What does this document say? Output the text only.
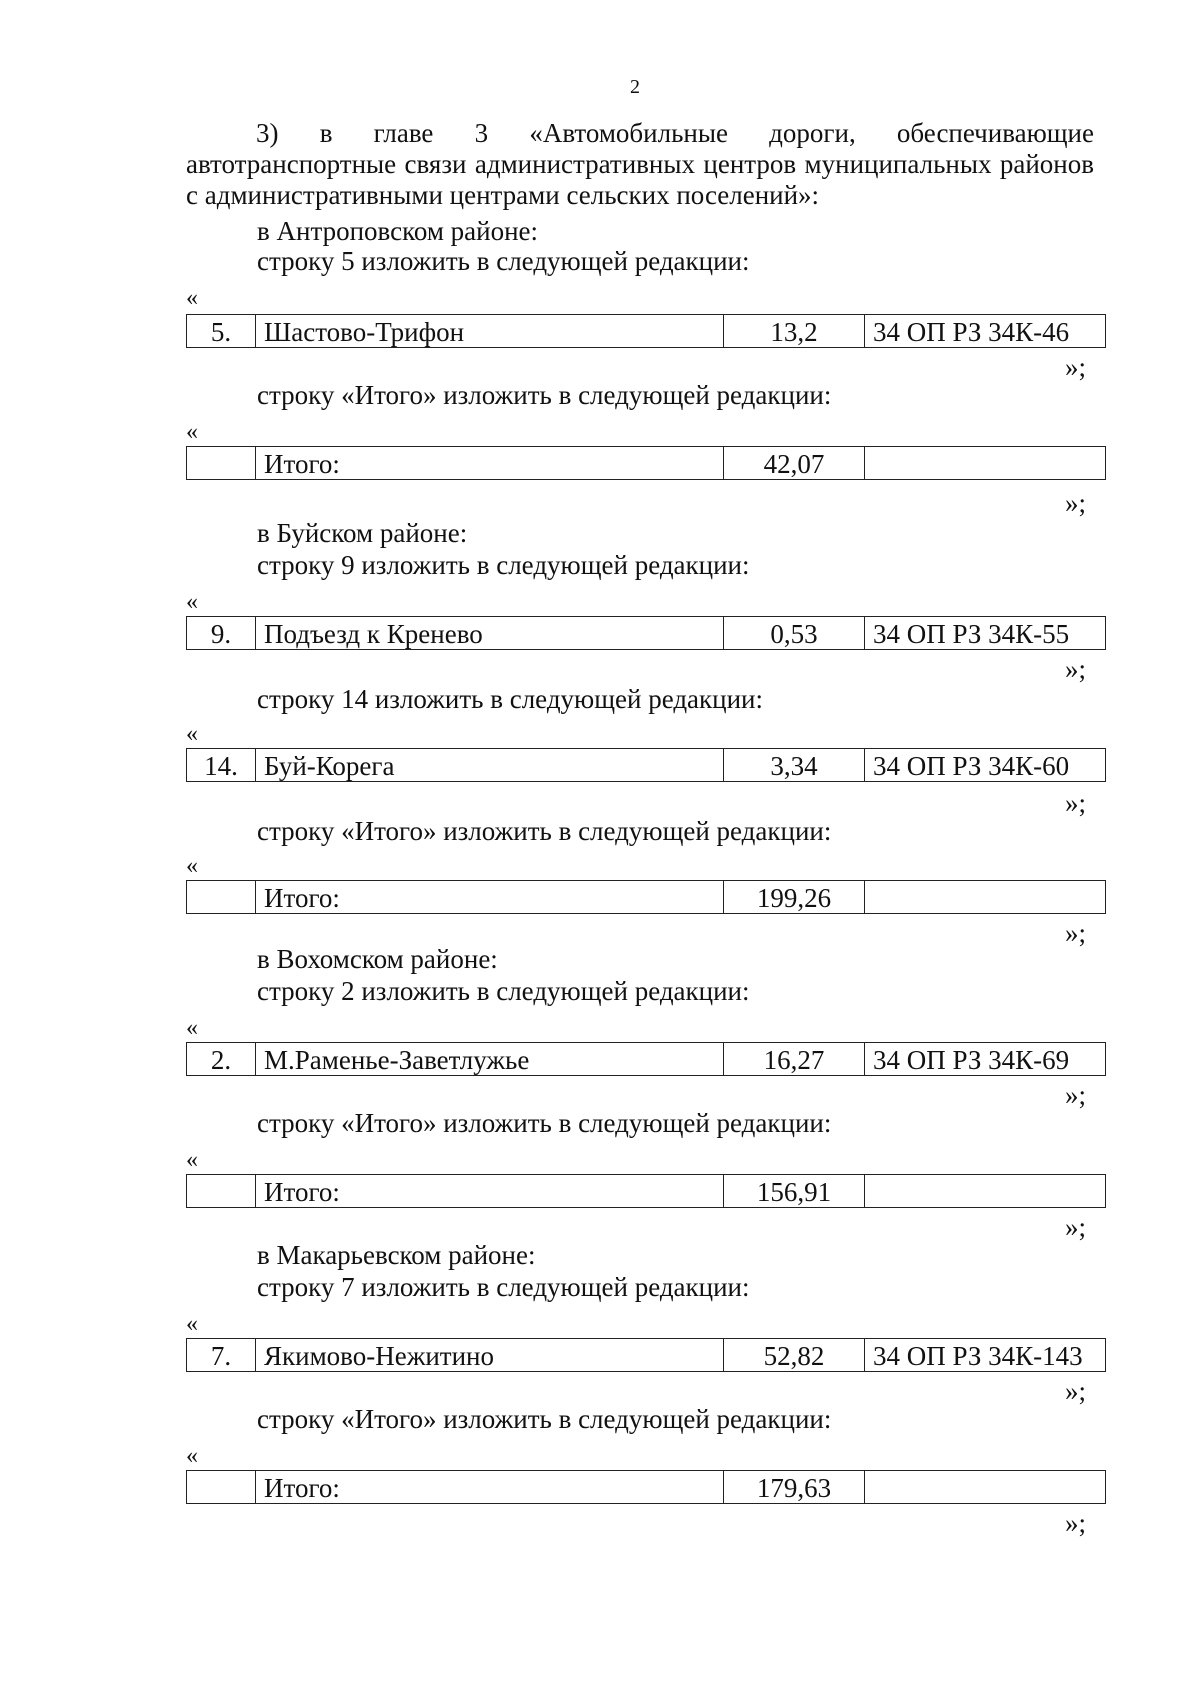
2

3) в главе 3 «Автомобильные дороги, обеспечивающие автотранспортные связи административных центров муниципальных районов с административными центрами сельских поселений»:

в Антроповском районе:
строку 5 изложить в следующей редакции:
«
5.	Шастово-Трифон	13,2	34 ОП РЗ 34К-46
»;
строку «Итого» изложить в следующей редакции:
«
	Итого:	42,07	
»;
в Буйском районе:
строку 9 изложить в следующей редакции:
«
9.	Подъезд к Кренево	0,53	34 ОП РЗ 34К-55
»;
строку 14 изложить в следующей редакции:
«
14.	Буй-Корега	3,34	34 ОП РЗ 34К-60
»;
строку «Итого» изложить в следующей редакции:
«
	Итого:	199,26	
»;
в Вохомском районе:
строку 2 изложить в следующей редакции:
«
2.	М.Раменье-Заветлужье	16,27	34 ОП РЗ 34К-69
»;
строку «Итого» изложить в следующей редакции:
«
	Итого:	156,91	
»;
в Макарьевском районе:
строку 7 изложить в следующей редакции:
«
7.	Якимово-Нежитино	52,82	34 ОП РЗ 34К-143
»;
строку «Итого» изложить в следующей редакции:
«
	Итого:	179,63	
»;
